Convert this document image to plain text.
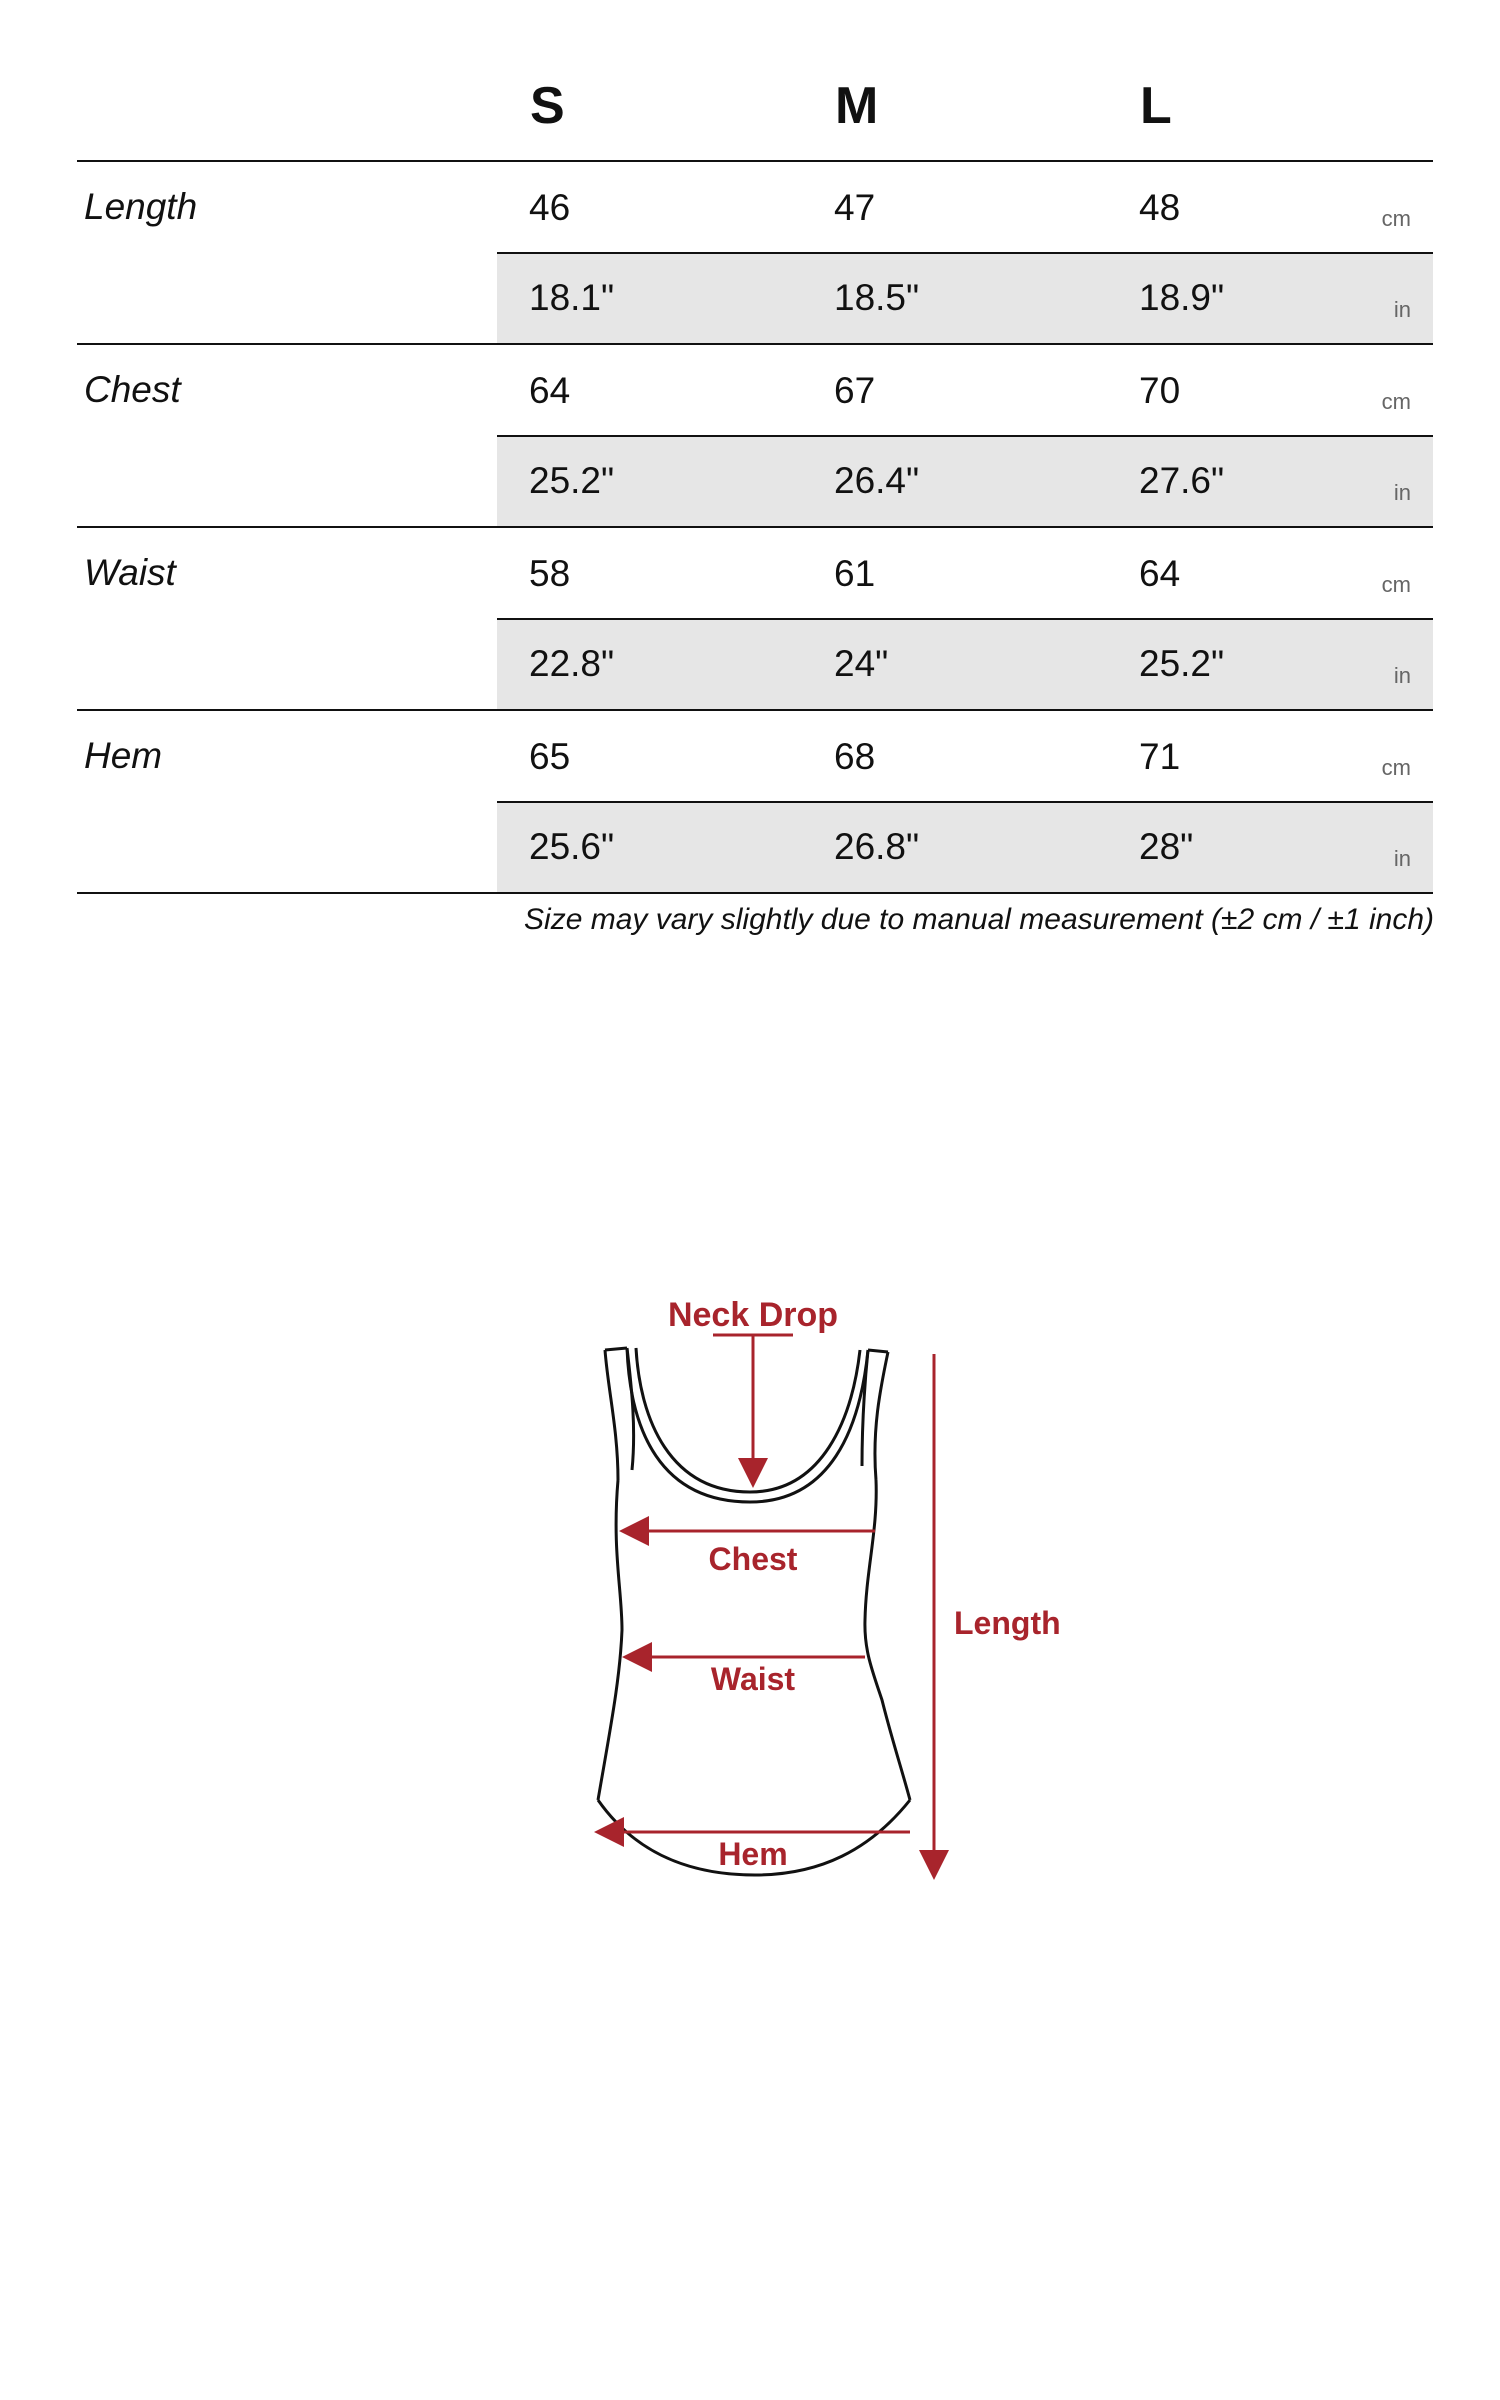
S	M	L
Length	46	47	48	cm
18.1"	18.5"	18.9"	in
Chest	64	67	70	cm
25.2"	26.4"	27.6"	in
Waist	58	61	64	cm
22.8"	24"	25.2"	in
Hem	65	68	71	cm
25.6"	26.8"	28"	in
Size may vary slightly due to manual measurement (±2 cm / ±1 inch)
Neck Drop
Chest
Waist
Hem
Length
